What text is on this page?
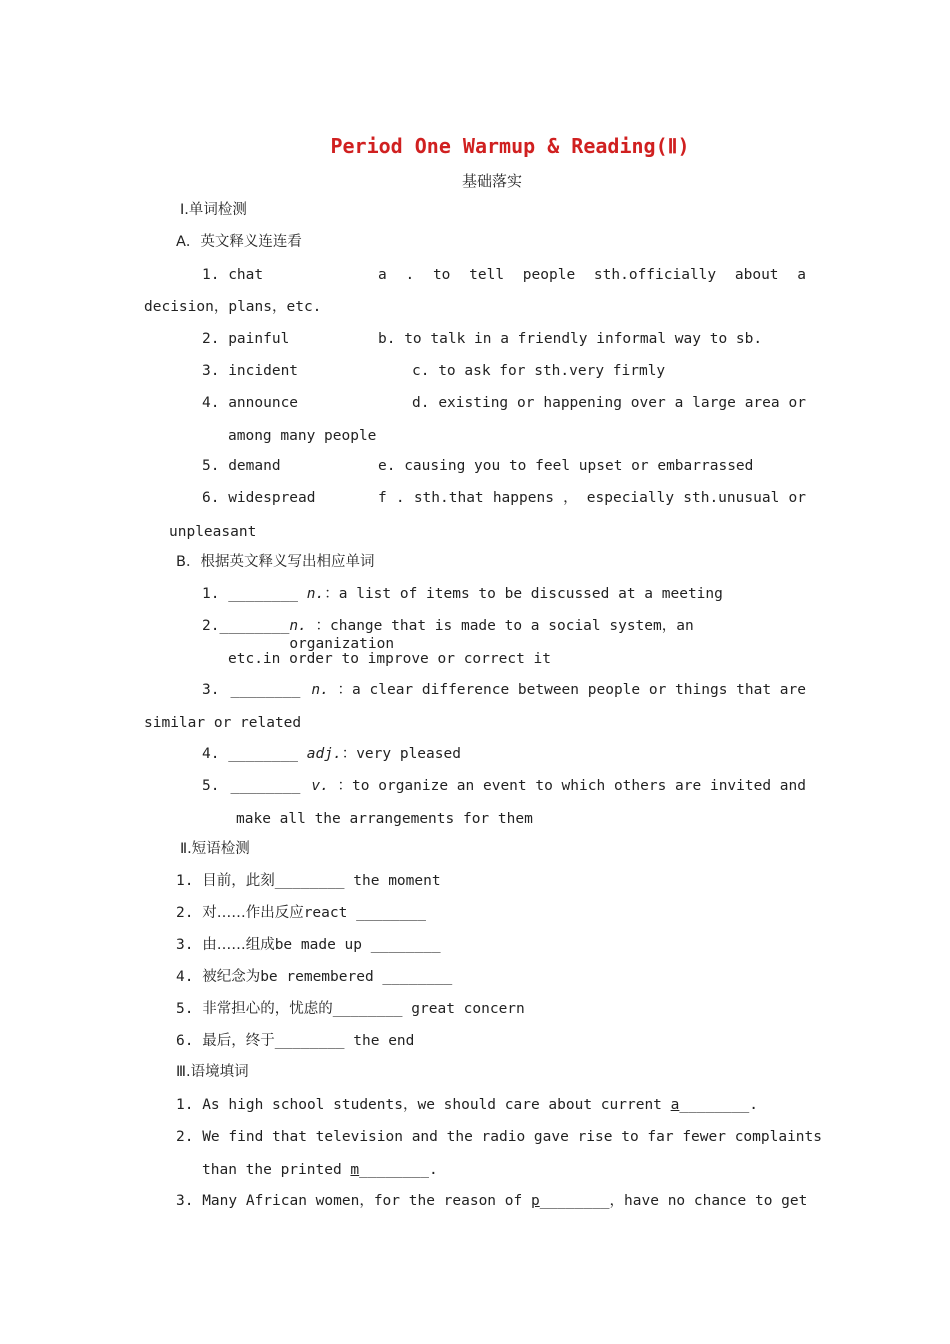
Period One Warmup & Reading(Ⅱ)
基础落实
Ⅰ.单词检测
A．英文释义连连看
1. chat	a . to tell people sth.officially about a
decision，plans，etc.
2. painful	b. to talk in a friendly informal way to sb.
3. incident	c. to ask for sth.very firmly
4. announce	d. existing or happening over a large area or
among many people
5. demand	e. causing you to feel upset or embarrassed
6. widespread	f . sth.that happens ， especially sth.unusual or
unpleasant
B．根据英文释义写出相应单词
1. ________ n.：a list of items to be discussed at a meeting
2. ________ n. ：change that is made to a social system，an organization
etc.in order to improve or correct it
3. ________ n. ：a clear difference between people or things that are
similar or related
4. ________ adj.：very pleased
5. ________ v. ：to organize an event to which others are invited and
make all the arrangements for them
Ⅱ.短语检测
1. 目前，此刻________ the moment
2. 对……作出反应react ________
3. 由……组成be made up ________
4. 被纪念为be remembered ________
5. 非常担心的，忧虑的________ great concern
6. 最后，终于________ the end
Ⅲ.语境填词
1. As high school students，we should care about current a________.
2. We find that television and the radio gave rise to far fewer complaints
than the printed m________.
3. Many African women，for the reason of p________，have no chance to get
